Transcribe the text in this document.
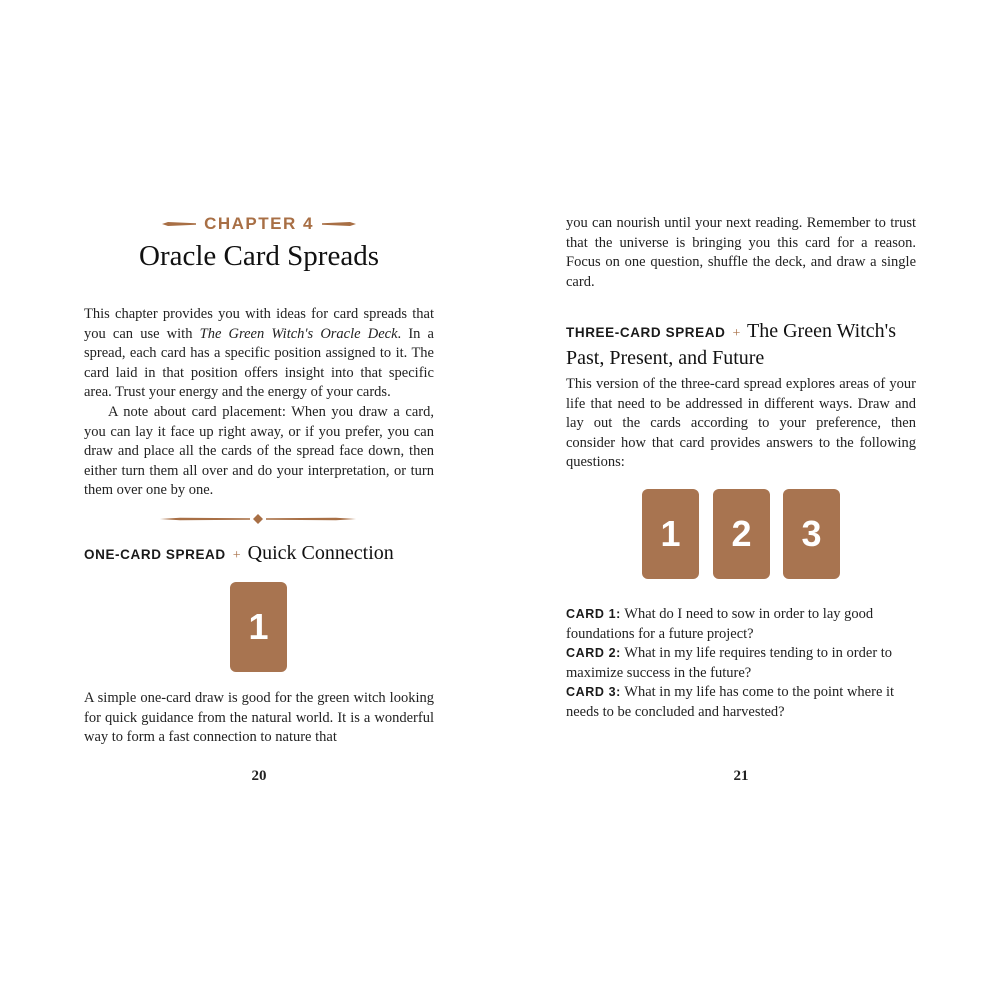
CHAPTER 4
Oracle Card Spreads

This chapter provides you with ideas for card spreads that you can use with The Green Witch's Oracle Deck. In a spread, each card has a specific position assigned to it. The card laid in that position offers insight into that specific area. Trust your energy and the energy of your cards.

A note about card placement: When you draw a card, you can lay it face up right away, or if you prefer, you can draw and place all the cards of the spread face down, then either turn them all over and do your interpretation, or turn them over one by one.

ONE-CARD SPREAD + Quick Connection

1

A simple one-card draw is good for the green witch looking for quick guidance from the natural world. It is a wonderful way to form a fast connection to nature that

20

you can nourish until your next reading. Remember to trust that the universe is bringing you this card for a reason. Focus on one question, shuffle the deck, and draw a single card.

THREE-CARD SPREAD + The Green Witch's Past, Present, and Future

This version of the three-card spread explores areas of your life that need to be addressed in different ways. Draw and lay out the cards according to your preference, then consider how that card provides answers to the following questions:

1	2	3

CARD 1: What do I need to sow in order to lay good foundations for a future project?

CARD 2: What in my life requires tending to in order to maximize success in the future?

CARD 3: What in my life has come to the point where it needs to be concluded and harvested?

21
